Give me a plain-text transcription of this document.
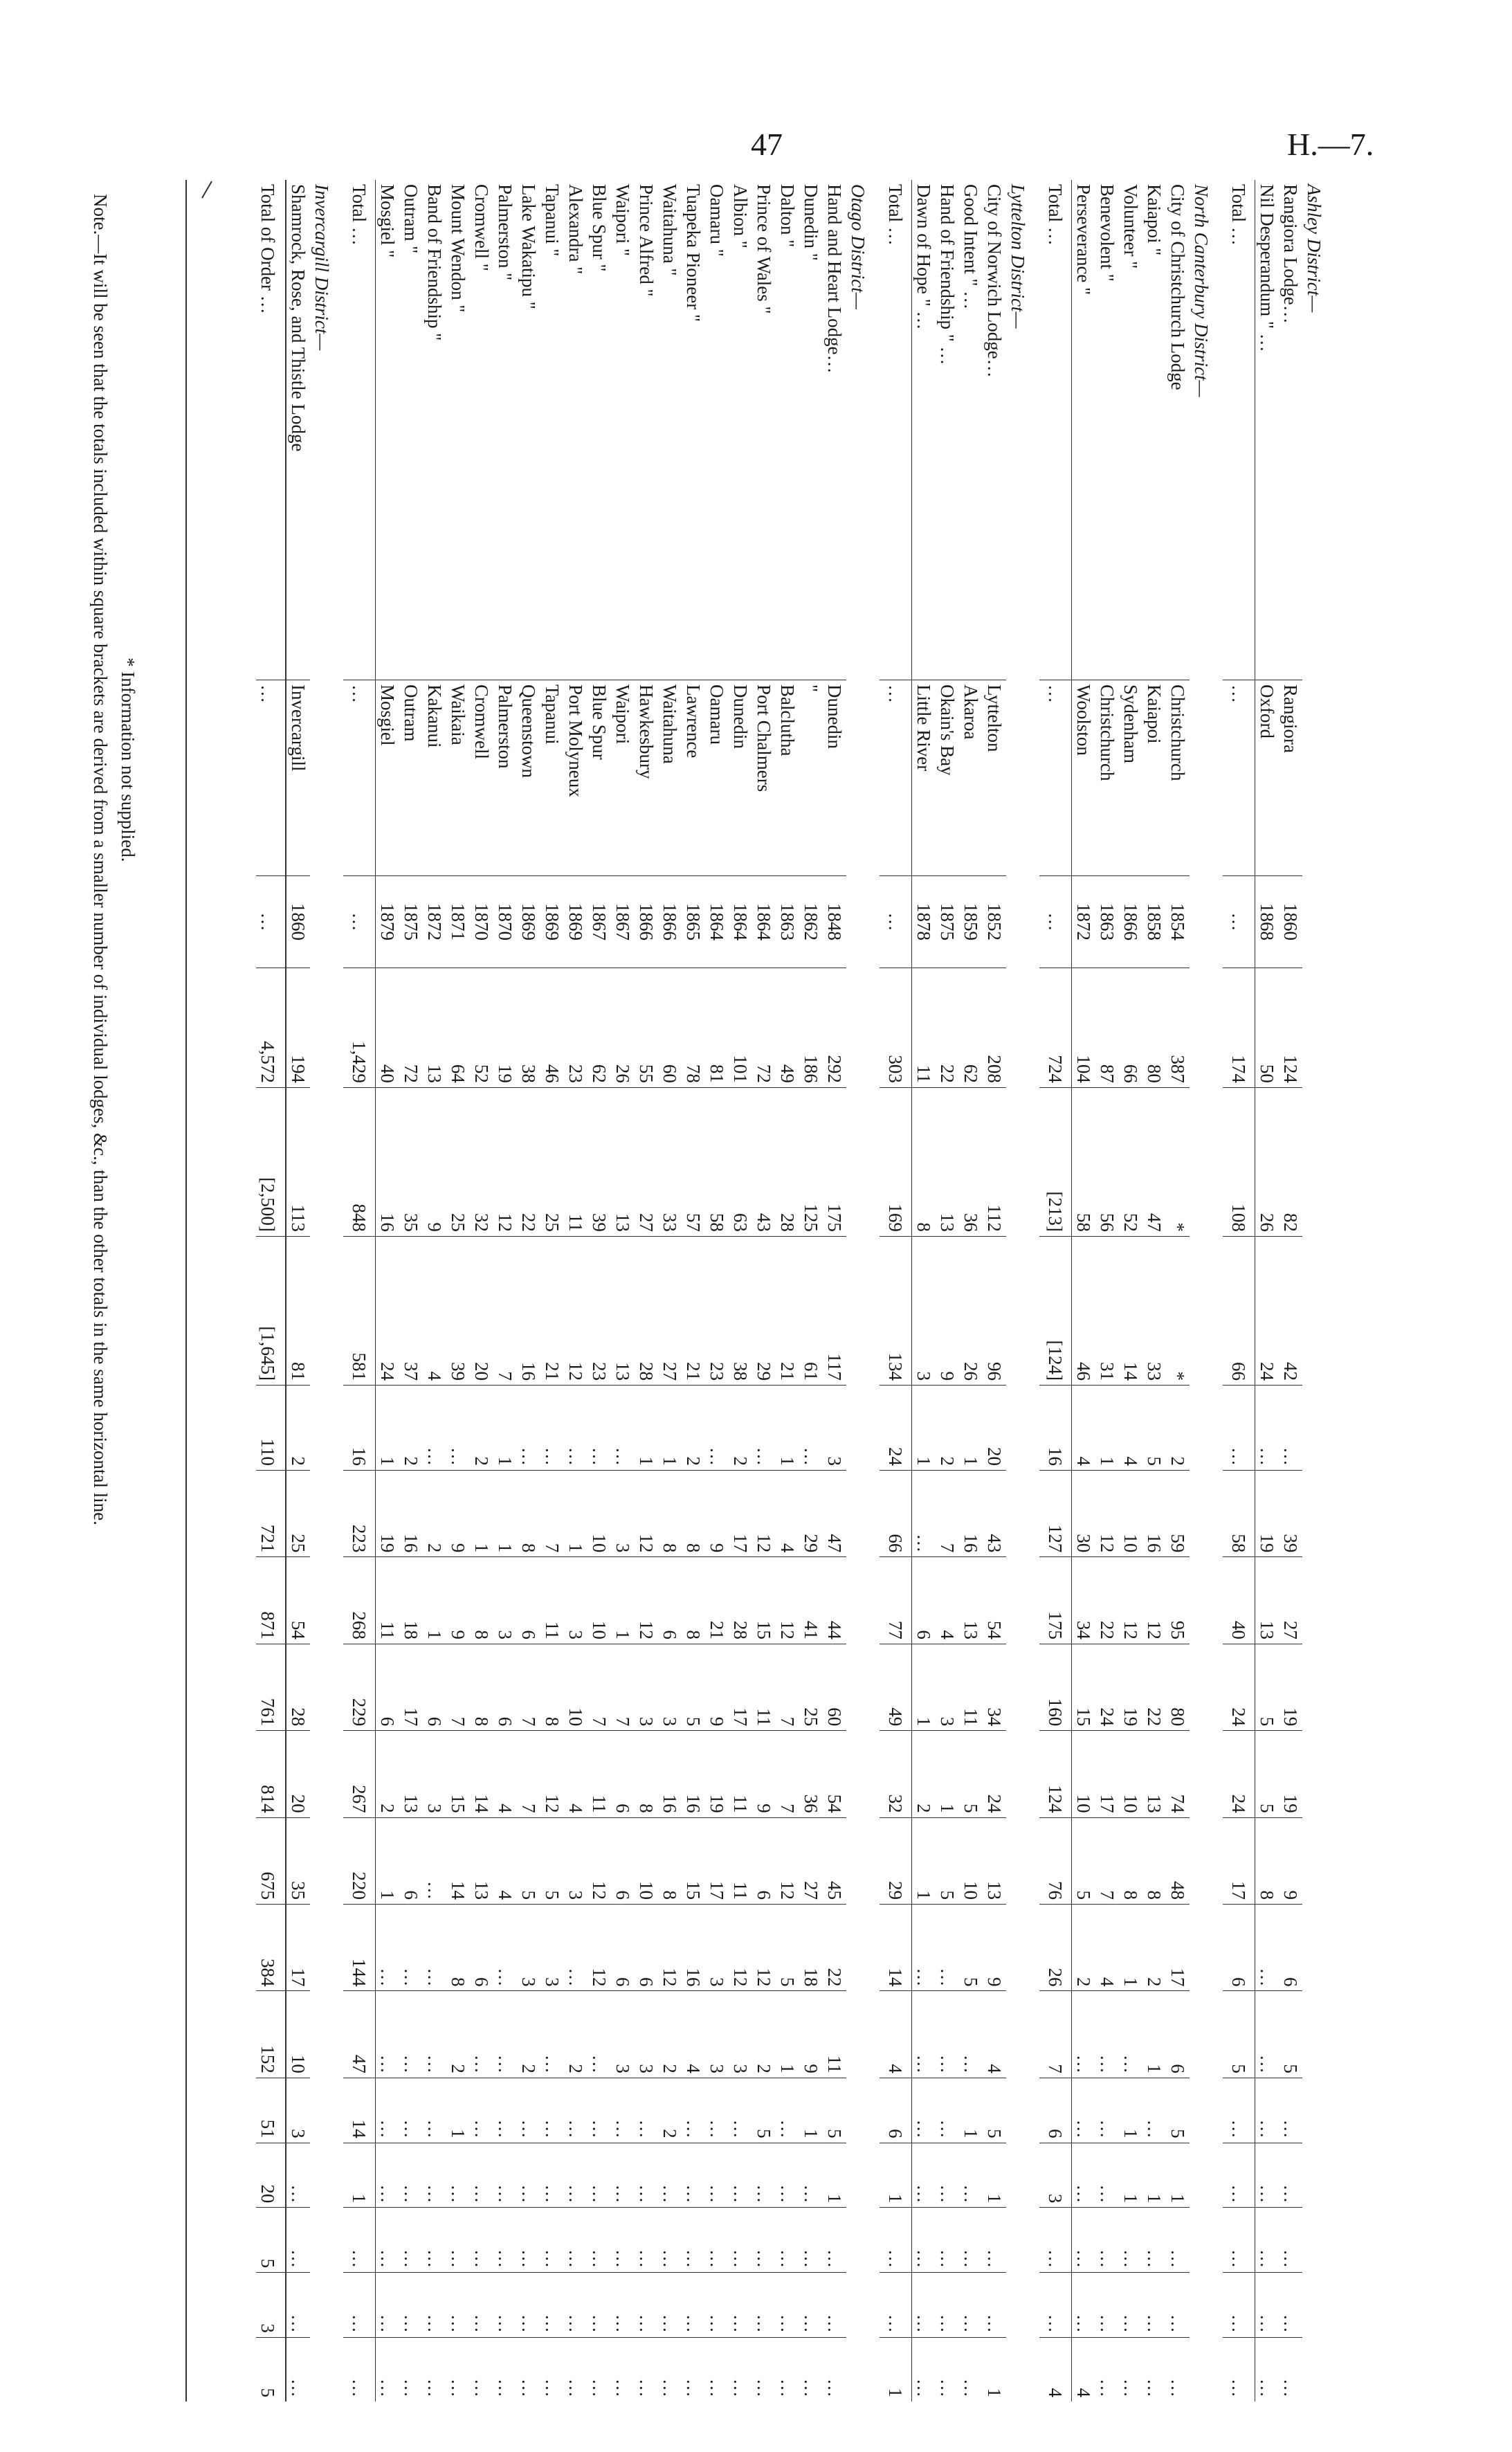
47	H.—7.
Ashley District—																		
Rangiora Lodge…	Rangiora	1860	124	82	42	…	39	27	19	19	9	6	5	…	…	…	…	…
Nil Desperandum " …	Oxford	1868	50	26	24	…	19	13	5	5	8	…	…	…	…	…	…	…
Total …	…	…	174	108	66	…	58	40	24	24	17	6	5	…	…	…	…	…
North Canterbury District—																		
City of Christchurch Lodge	Christchurch	1854	387	*	*	2	59	95	80	74	48	17	6	5	1	…	…	…
Kaiapoi "	Kaiapoi	1858	80	47	33	5	16	12	22	13	8	2	1	…	1	…	…	…
Volunteer "	Sydenham	1866	66	52	14	4	10	12	19	10	8	1	…	1	1	…	…	…
Benevolent "	Christchurch	1863	87	56	31	1	12	22	24	17	7	4	…	…	…	…	…	…
Perseverance "	Woolston	1872	104	58	46	4	30	34	15	10	5	2	…	…	…	…	…	4
Total …	…	…	724	[213]	[124]	16	127	175	160	124	76	26	7	6	3	…	…	4
Lyttelton District—																		
City of Norwich Lodge…	Lyttelton	1852	208	112	96	20	43	54	34	24	13	9	4	5	1	…	…	1
Good Intent " …	Akaroa	1859	62	36	26	1	16	13	11	5	10	5	…	1	…	…	…	…
Hand of Friendship " …	Okain's Bay	1875	22	13	9	2	7	4	3	1	5	…	…	…	…	…	…	…
Dawn of Hope " …	Little River	1878	11	8	3	1	…	6	1	2	1	…	…	…	…	…	…	…
Total …	…	…	303	169	134	24	66	77	49	32	29	14	4	6	1	…	…	1
Otago District—																		
Hand and Heart Lodge…	Dunedin	1848	292	175	117	3	47	44	60	54	45	22	11	5	1	…	…	…
Dunedin "	"	1862	186	125	61	…	29	41	25	36	27	18	9	1	…	…	…	…
Dalton "	Balclutha	1863	49	28	21	1	4	12	7	7	12	5	1	…	…	…	…	…
Prince of Wales "	Port Chalmers	1864	72	43	29	…	12	15	11	9	6	12	2	5	…	…	…	…
Albion "	Dunedin	1864	101	63	38	2	17	28	17	11	11	12	3	…	…	…	…	…
Oamaru "	Oamaru	1864	81	58	23	…	9	21	9	19	17	3	3	…	…	…	…	…
Tuapeka Pioneer "	Lawrence	1865	78	57	21	2	8	8	5	16	15	16	4	…	…	…	…	…
Waitahuna "	Waitahuna	1866	60	33	27	1	8	6	3	16	8	12	2	2	…	…	…	…
Prince Alfred "	Hawkesbury	1866	55	27	28	1	12	12	3	8	10	6	3	…	…	…	…	…
Waipori "	Waipori	1867	26	13	13	…	3	1	7	6	6	6	3	…	…	…	…	…
Blue Spur "	Blue Spur	1867	62	39	23	…	10	10	7	11	12	12	…	…	…	…	…	…
Alexandra "	Port Molyneux	1869	23	11	12	…	1	3	10	4	3	…	2	…	…	…	…	…
Tapanui "	Tapanui	1869	46	25	21	…	7	11	8	12	5	3	…	…	…	…	…	…
Lake Wakatipu "	Queenstown	1869	38	22	16	…	8	6	7	7	5	3	2	…	…	…	…	…
Palmerston "	Palmerston	1870	19	12	7	1	1	3	6	4	4	…	…	…	…	…	…	…
Cromwell "	Cromwell	1870	52	32	20	2	1	8	8	14	13	6	…	…	…	…	…	…
Mount Wendon "	Waikaia	1871	64	25	39	…	9	9	7	15	14	8	2	1	…	…	…	…
Band of Friendship "	Kakanui	1872	13	9	4	…	2	1	6	3	…	…	…	…	…	…	…	…
Outram "	Outram	1875	72	35	37	2	16	18	17	13	6	…	…	…	…	…	…	…
Mosgiel "	Mosgiel	1879	40	16	24	1	19	11	6	2	1	…	…	…	…	…	…	…
Total …	…	…	1,429	848	581	16	223	268	229	267	220	144	47	14	1	…	…	…
Invercargill District—																		
Shamrock, Rose, and Thistle Lodge	Invercargill	1860	194	113	81	2	25	54	28	20	35	17	10	3	…	…	…	…
Total of Order …	…	…	4,572	[2,500]	[1,645]	110	721	871	761	814	675	384	152	51	20	5	3	5
* Information not supplied.
Note.—It will be seen that the totals included within square brackets are derived from a smaller number of individual lodges, &c., than the other totals in the same horizontal line.
